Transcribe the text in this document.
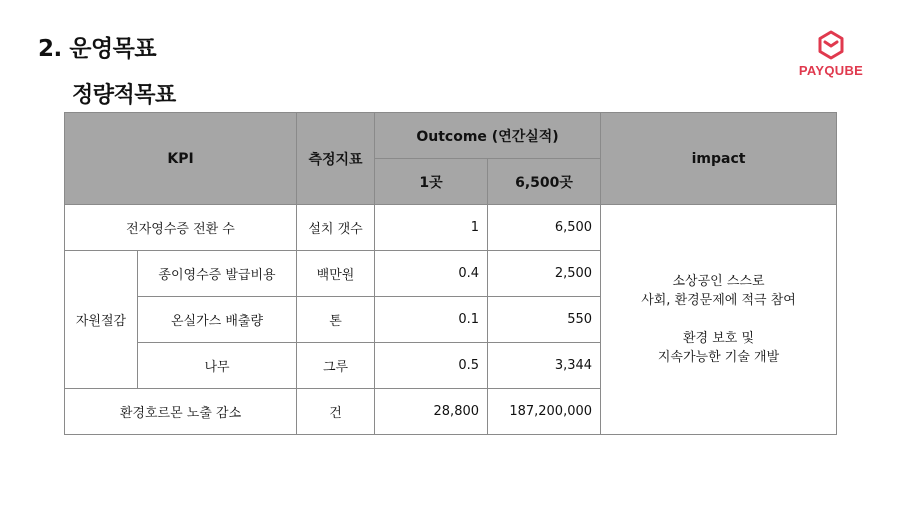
2. 운영목표
정량적목표
PAYQUBE
KPI		측정지표	Outcome (연간실적)		impact
			1곳	6,500곳	
전자영수증 전환 수		설치 갯수	1	6,500	소상공인 스스로
사회, 환경문제에 적극 참여
환경 보호 및
지속가능한 기술 개발
자원절감	종이영수증 발급비용	백만원	0.4	2,500	
	온실가스 배출량	톤	0.1	550	
	나무	그루	0.5	3,344	
환경호르몬 노출 감소		건	28,800	187,200,000	
